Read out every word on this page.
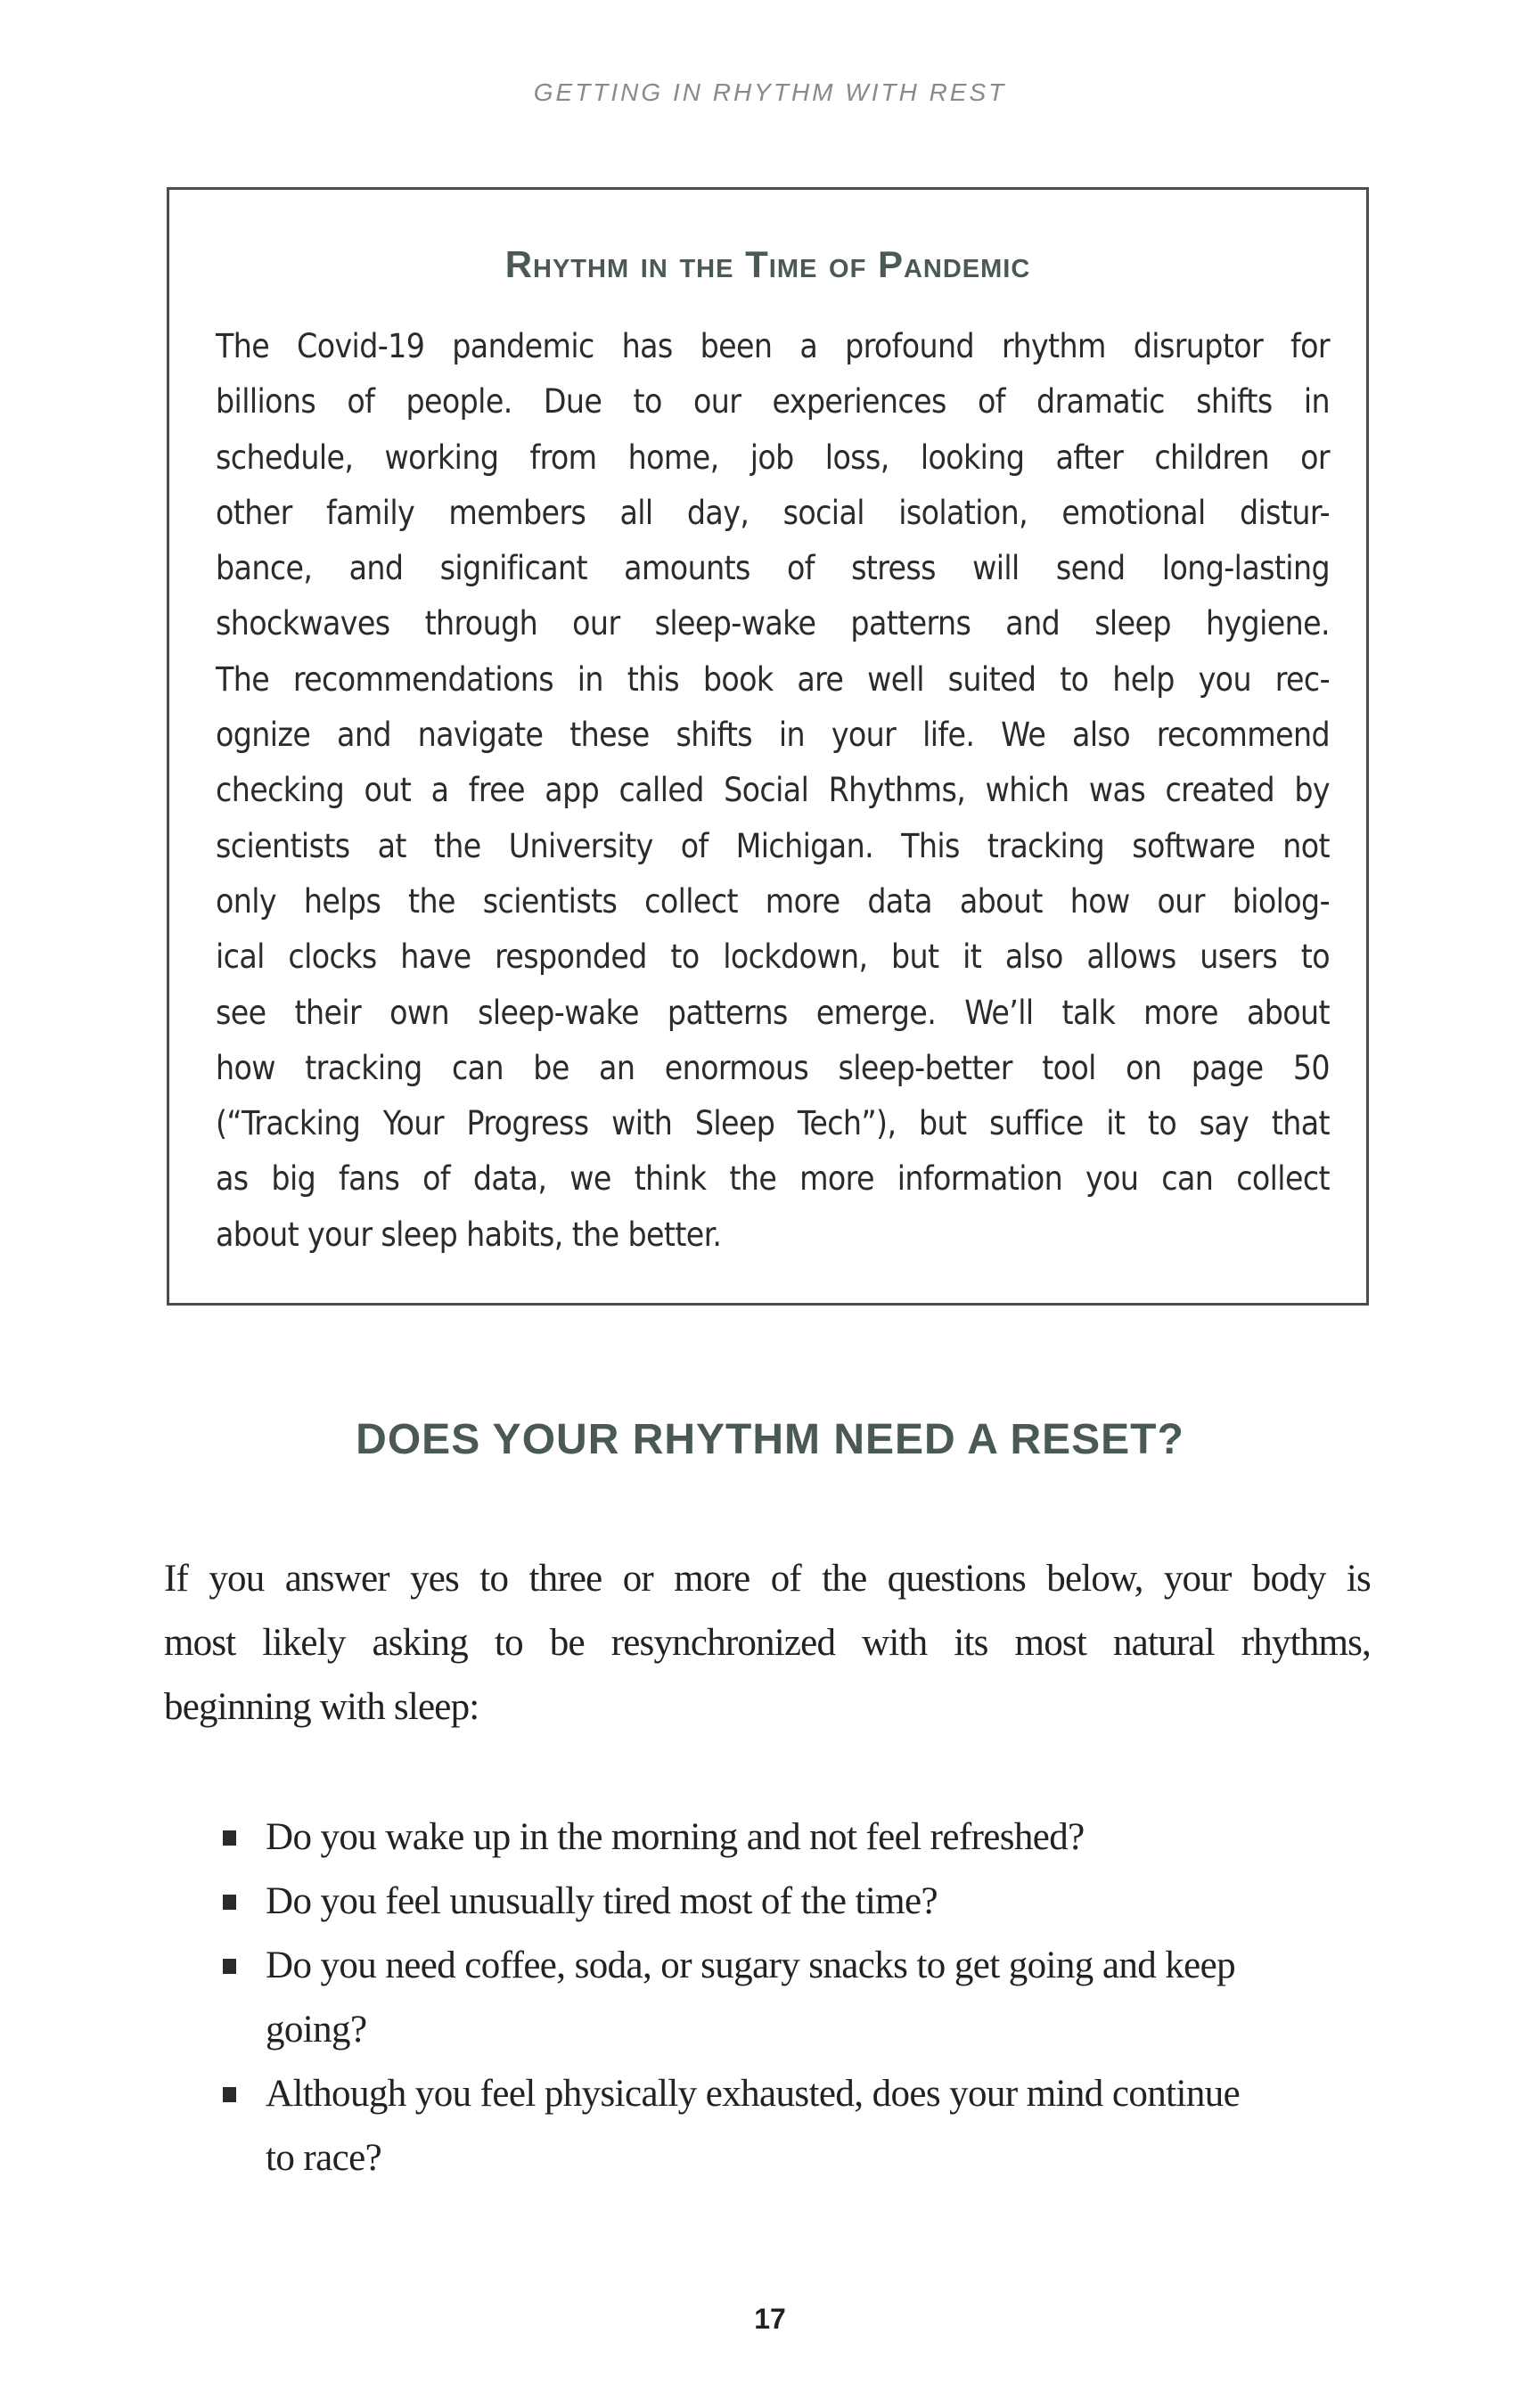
GETTING IN RHYTHM WITH REST
Rhythm in the Time of Pandemic
The Covid-19 pandemic has been a profound rhythm disruptor for
billions of people. Due to our experiences of dramatic shifts in
schedule, working from home, job loss, looking after children or
other family members all day, social isolation, emotional distur-
bance, and significant amounts of stress will send long-lasting
shockwaves through our sleep-wake patterns and sleep hygiene.
The recommendations in this book are well suited to help you rec-
ognize and navigate these shifts in your life. We also recommend
checking out a free app called Social Rhythms, which was created by
scientists at the University of Michigan. This tracking software not
only helps the scientists collect more data about how our biolog-
ical clocks have responded to lockdown, but it also allows users to
see their own sleep-wake patterns emerge. We’ll talk more about
how tracking can be an enormous sleep-better tool on page 50
(“Tracking Your Progress with Sleep Tech”), but suffice it to say that
as big fans of data, we think the more information you can collect
about your sleep habits, the better.
DOES YOUR RHYTHM NEED A RESET?
If you answer yes to three or more of the questions below, your body is
most likely asking to be resynchronized with its most natural rhythms,
beginning with sleep:
Do you wake up in the morning and not feel refreshed?
Do you feel unusually tired most of the time?
Do you need coffee, soda, or sugary snacks to get going and keep going?
Although you feel physically exhausted, does your mind continue to race?
17
